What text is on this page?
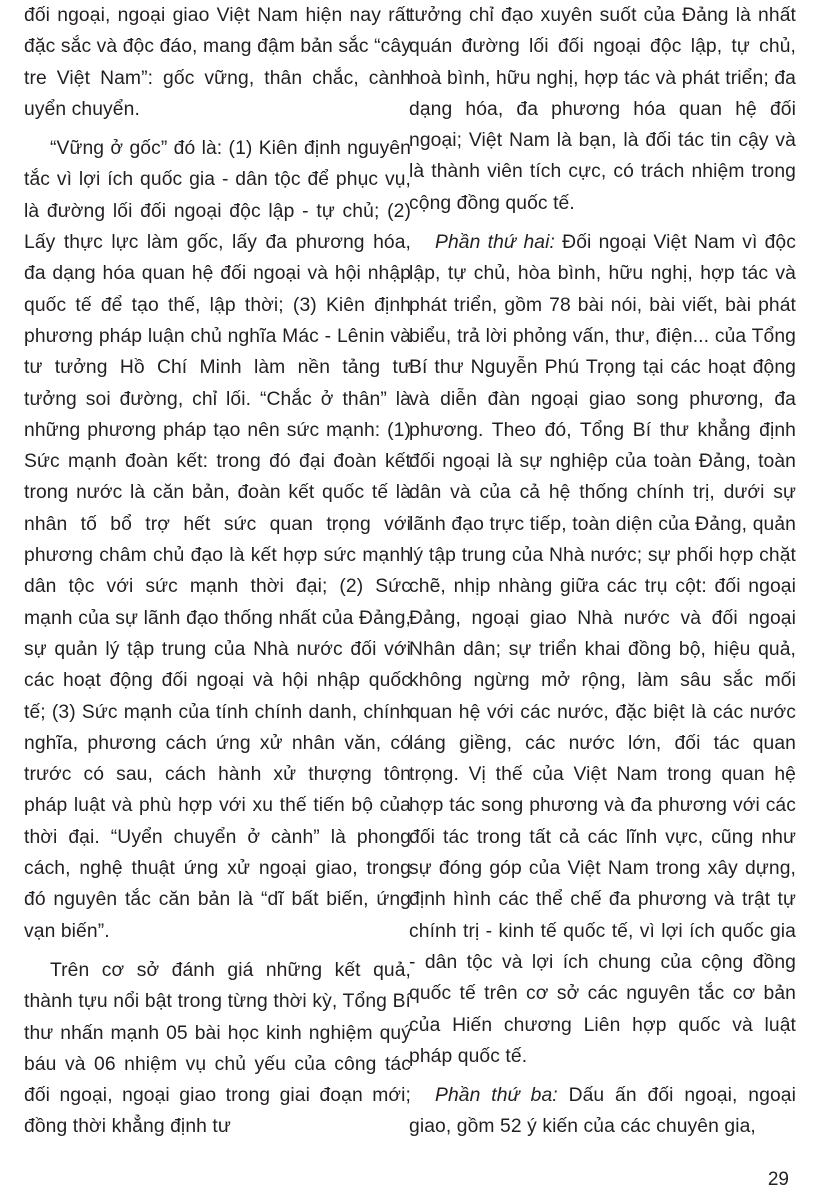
đối ngoại, ngoại giao Việt Nam hiện nay rất đặc sắc và độc đáo, mang đậm bản sắc “cây tre Việt Nam”: gốc vững, thân chắc, cành uyển chuyển.

“Vững ở gốc” đó là: (1) Kiên định nguyên tắc vì lợi ích quốc gia - dân tộc để phục vụ, là đường lối đối ngoại độc lập - tự chủ; (2) Lấy thực lực làm gốc, lấy đa phương hóa, đa dạng hóa quan hệ đối ngoại và hội nhập quốc tế để tạo thế, lập thời; (3) Kiên định phương pháp luận chủ nghĩa Mác - Lênin và tư tưởng Hồ Chí Minh làm nền tảng tư tưởng soi đường, chỉ lối. “Chắc ở thân” là những phương pháp tạo nên sức mạnh: (1) Sức mạnh đoàn kết: trong đó đại đoàn kết trong nước là căn bản, đoàn kết quốc tế là nhân tố bổ trợ hết sức quan trọng với phương châm chủ đạo là kết hợp sức mạnh dân tộc với sức mạnh thời đại; (2) Sức mạnh của sự lãnh đạo thống nhất của Đảng, sự quản lý tập trung của Nhà nước đối với các hoạt động đối ngoại và hội nhập quốc tế; (3) Sức mạnh của tính chính danh, chính nghĩa, phương cách ứng xử nhân văn, có trước có sau, cách hành xử thượng tôn pháp luật và phù hợp với xu thế tiến bộ của thời đại. “Uyển chuyển ở cành” là phong cách, nghệ thuật ứng xử ngoại giao, trong đó nguyên tắc căn bản là “dĩ bất biến, ứng vạn biến”.

Trên cơ sở đánh giá những kết quả, thành tựu nổi bật trong từng thời kỳ, Tổng Bí thư nhấn mạnh 05 bài học kinh nghiệm quý báu và 06 nhiệm vụ chủ yếu của công tác đối ngoại, ngoại giao trong giai đoạn mới; đồng thời khẳng định tư

tưởng chỉ đạo xuyên suốt của Đảng là nhất quán đường lối đối ngoại độc lập, tự chủ, hoà bình, hữu nghị, hợp tác và phát triển; đa dạng hóa, đa phương hóa quan hệ đối ngoại; Việt Nam là bạn, là đối tác tin cậy và là thành viên tích cực, có trách nhiệm trong cộng đồng quốc tế.

Phần thứ hai: Đối ngoại Việt Nam vì độc lập, tự chủ, hòa bình, hữu nghị, hợp tác và phát triển, gồm 78 bài nói, bài viết, bài phát biểu, trả lời phỏng vấn, thư, điện... của Tổng Bí thư Nguyễn Phú Trọng tại các hoạt động và diễn đàn ngoại giao song phương, đa phương. Theo đó, Tổng Bí thư khẳng định đối ngoại là sự nghiệp của toàn Đảng, toàn dân và của cả hệ thống chính trị, dưới sự lãnh đạo trực tiếp, toàn diện của Đảng, quản lý tập trung của Nhà nước; sự phối hợp chặt chẽ, nhịp nhàng giữa các trụ cột: đối ngoại Đảng, ngoại giao Nhà nước và đối ngoại Nhân dân; sự triển khai đồng bộ, hiệu quả, không ngừng mở rộng, làm sâu sắc mối quan hệ với các nước, đặc biệt là các nước láng giềng, các nước lớn, đối tác quan trọng. Vị thế của Việt Nam trong quan hệ hợp tác song phương và đa phương với các đối tác trong tất cả các lĩnh vực, cũng như sự đóng góp của Việt Nam trong xây dựng, định hình các thể chế đa phương và trật tự chính trị - kinh tế quốc tế, vì lợi ích quốc gia - dân tộc và lợi ích chung của cộng đồng quốc tế trên cơ sở các nguyên tắc cơ bản của Hiến chương Liên hợp quốc và luật pháp quốc tế.

Phần thứ ba: Dấu ấn đối ngoại, ngoại giao, gồm 52 ý kiến của các chuyên gia,

29
